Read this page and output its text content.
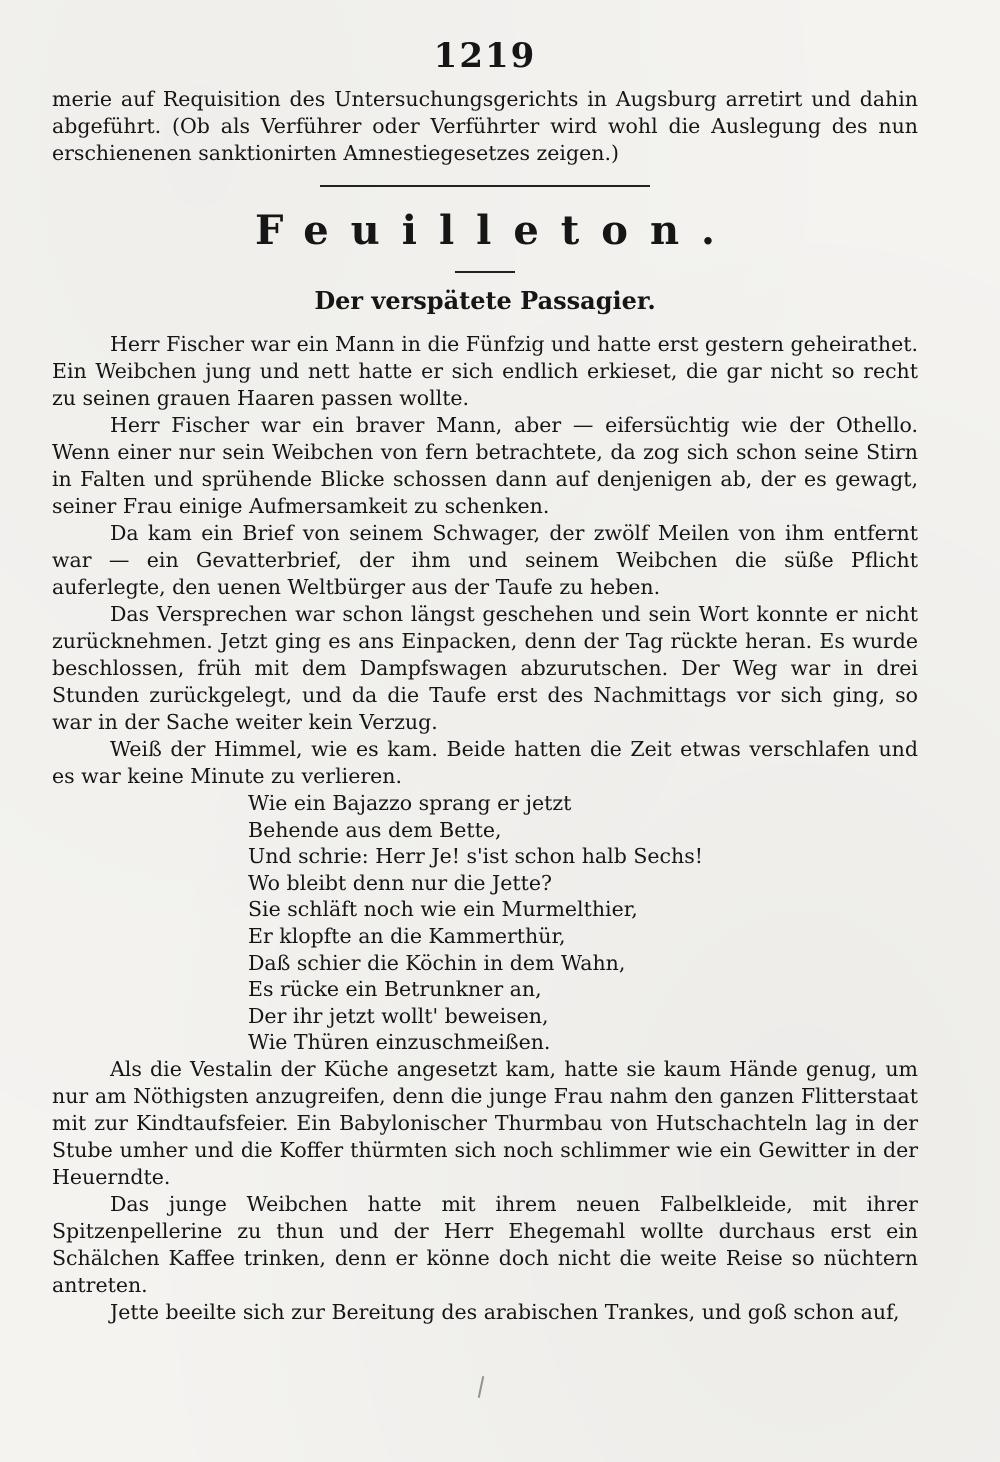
1219

merie auf Requisition des Untersuchungsgerichts in Augsburg arretirt und dahin abgeführt. (Ob als Verführer oder Verführter wird wohl die Auslegung des nun erschienenen sanktionirten Amnestiegesetzes zeigen.)

Feuilleton.
Der verspätete Passagier.

Herr Fischer war ein Mann in die Fünfzig und hatte erst gestern geheirathet. Ein Weibchen jung und nett hatte er sich endlich erkieset, die gar nicht so recht zu seinen grauen Haaren passen wollte.

Herr Fischer war ein braver Mann, aber — eifersüchtig wie der Othello. Wenn einer nur sein Weibchen von fern betrachtete, da zog sich schon seine Stirn in Falten und sprühende Blicke schossen dann auf denjenigen ab, der es gewagt, seiner Frau einige Aufmersamkeit zu schenken.

Da kam ein Brief von seinem Schwager, der zwölf Meilen von ihm entfernt war — ein Gevatterbrief, der ihm und seinem Weibchen die süße Pflicht auferlegte, den uenen Weltbürger aus der Taufe zu heben.

Das Versprechen war schon längst geschehen und sein Wort konnte er nicht zurücknehmen. Jetzt ging es ans Einpacken, denn der Tag rückte heran. Es wurde beschlossen, früh mit dem Dampfswagen abzurutschen. Der Weg war in drei Stunden zurückgelegt, und da die Taufe erst des Nachmittags vor sich ging, so war in der Sache weiter kein Verzug.

Weiß der Himmel, wie es kam. Beide hatten die Zeit etwas verschlafen und es war keine Minute zu verlieren.

Wie ein Bajazzo sprang er jetzt
Behende aus dem Bette,
Und schrie: Herr Je! s'ist schon halb Sechs!
Wo bleibt denn nur die Jette?
Sie schläft noch wie ein Murmelthier,
Er klopfte an die Kammerthür,
Daß schier die Köchin in dem Wahn,
Es rücke ein Betrunkner an,
Der ihr jetzt wollt' beweisen,
Wie Thüren einzuschmeißen.

Als die Vestalin der Küche angesetzt kam, hatte sie kaum Hände genug, um nur am Nöthigsten anzugreifen, denn die junge Frau nahm den ganzen Flitterstaat mit zur Kindtaufsfeier. Ein Babylonischer Thurmbau von Hutschachteln lag in der Stube umher und die Koffer thürmten sich noch schlimmer wie ein Gewitter in der Heuerndte.

Das junge Weibchen hatte mit ihrem neuen Falbelkleide, mit ihrer Spitzenpellerine zu thun und der Herr Ehegemahl wollte durchaus erst ein Schälchen Kaffee trinken, denn er könne doch nicht die weite Reise so nüchtern antreten.

Jette beeilte sich zur Bereitung des arabischen Trankes, und goß schon auf,
